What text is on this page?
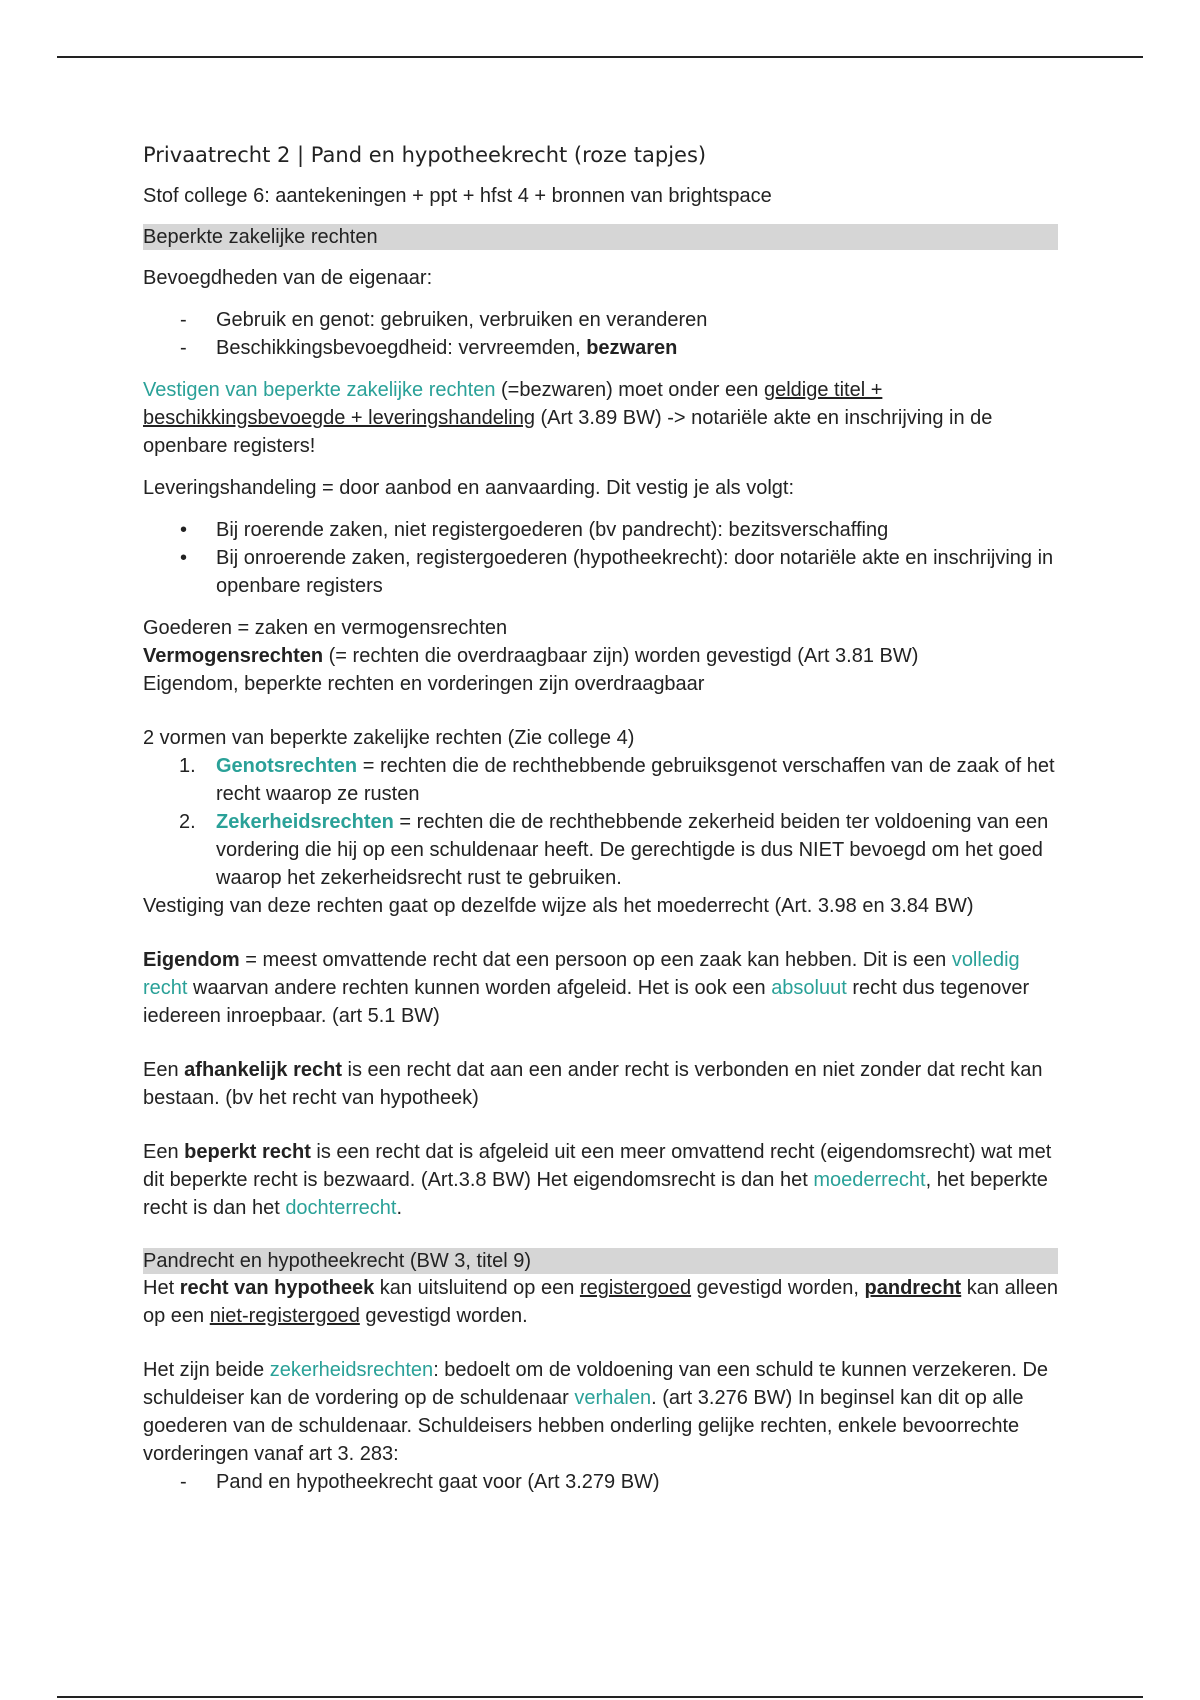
Privaatrecht 2 | Pand en hypotheekrecht (roze tapjes)

Stof college 6: aantekeningen + ppt + hfst 4 + bronnen van brightspace

Beperkte zakelijke rechten

Bevoegdheden van de eigenaar:

- Gebruik en genot: gebruiken, verbruiken en veranderen
- Beschikkingsbevoegdheid: vervreemden, bezwaren

Vestigen van beperkte zakelijke rechten (=bezwaren) moet onder een geldige titel + beschikkingsbevoegde + leveringshandeling (Art 3.89 BW) -> notariële akte en inschrijving in de openbare registers!

Leveringshandeling = door aanbod en aanvaarding. Dit vestig je als volgt:

• Bij roerende zaken, niet registergoederen (bv pandrecht): bezitsverschaffing
• Bij onroerende zaken, registergoederen (hypotheekrecht): door notariële akte en inschrijving in openbare registers

Goederen = zaken en vermogensrechten

Vermogensrechten (= rechten die overdraagbaar zijn) worden gevestigd (Art 3.81 BW)

Eigendom, beperkte rechten en vorderingen zijn overdraagbaar

2 vormen van beperkte zakelijke rechten (Zie college 4)

1. Genotsrechten = rechten die de rechthebbende gebruiksgenot verschaffen van de zaak of het recht waarop ze rusten
2. Zekerheidsrechten = rechten die de rechthebbende zekerheid beiden ter voldoening van een vordering die hij op een schuldenaar heeft. De gerechtigde is dus NIET bevoegd om het goed waarop het zekerheidsrecht rust te gebruiken.

Vestiging van deze rechten gaat op dezelfde wijze als het moederrecht (Art. 3.98 en 3.84 BW)

Eigendom = meest omvattende recht dat een persoon op een zaak kan hebben. Dit is een volledig recht waarvan andere rechten kunnen worden afgeleid. Het is ook een absoluut recht dus tegenover iedereen inroepbaar. (art 5.1 BW)

Een afhankelijk recht is een recht dat aan een ander recht is verbonden en niet zonder dat recht kan bestaan. (bv het recht van hypotheek)

Een beperkt recht is een recht dat is afgeleid uit een meer omvattend recht (eigendomsrecht) wat met dit beperkte recht is bezwaard. (Art.3.8 BW) Het eigendomsrecht is dan het moederrecht, het beperkte recht is dan het dochterrecht.

Pandrecht en hypotheekrecht (BW 3, titel 9)

Het recht van hypotheek kan uitsluitend op een registergoed gevestigd worden, pandrecht kan alleen op een niet-registergoed gevestigd worden.

Het zijn beide zekerheidsrechten: bedoelt om de voldoening van een schuld te kunnen verzekeren. De schuldeiser kan de vordering op de schuldenaar verhalen. (art 3.276 BW) In beginsel kan dit op alle goederen van de schuldenaar. Schuldeisers hebben onderling gelijke rechten, enkele bevoorrechte vorderingen vanaf art 3. 283:

- Pand en hypotheekrecht gaat voor (Art 3.279 BW)
